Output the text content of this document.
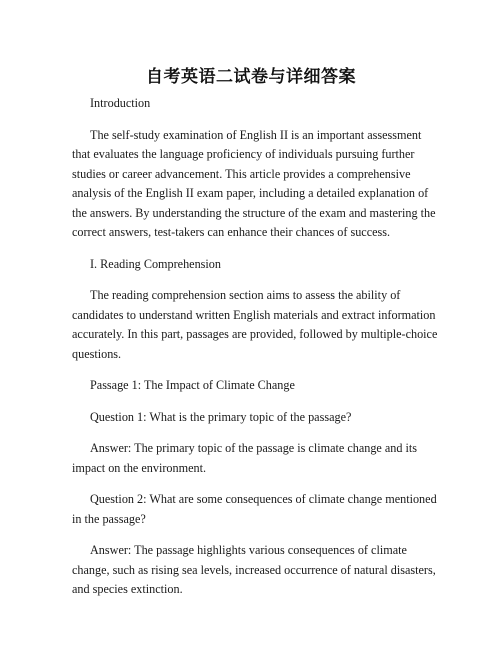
自考英语二试卷与详细答案

Introduction

The self-study examination of English II is an important assessment that evaluates the language proficiency of individuals pursuing further studies or career advancement. This article provides a comprehensive analysis of the English II exam paper, including a detailed explanation of the answers. By understanding the structure of the exam and mastering the correct answers, test-takers can enhance their chances of success.

I. Reading Comprehension

The reading comprehension section aims to assess the ability of candidates to understand written English materials and extract information accurately. In this part, passages are provided, followed by multiple-choice questions.

Passage 1: The Impact of Climate Change

Question 1: What is the primary topic of the passage?

Answer: The primary topic of the passage is climate change and its impact on the environment.

Question 2: What are some consequences of climate change mentioned in the passage?

Answer: The passage highlights various consequences of climate change, such as rising sea levels, increased occurrence of natural disasters, and species extinction.
